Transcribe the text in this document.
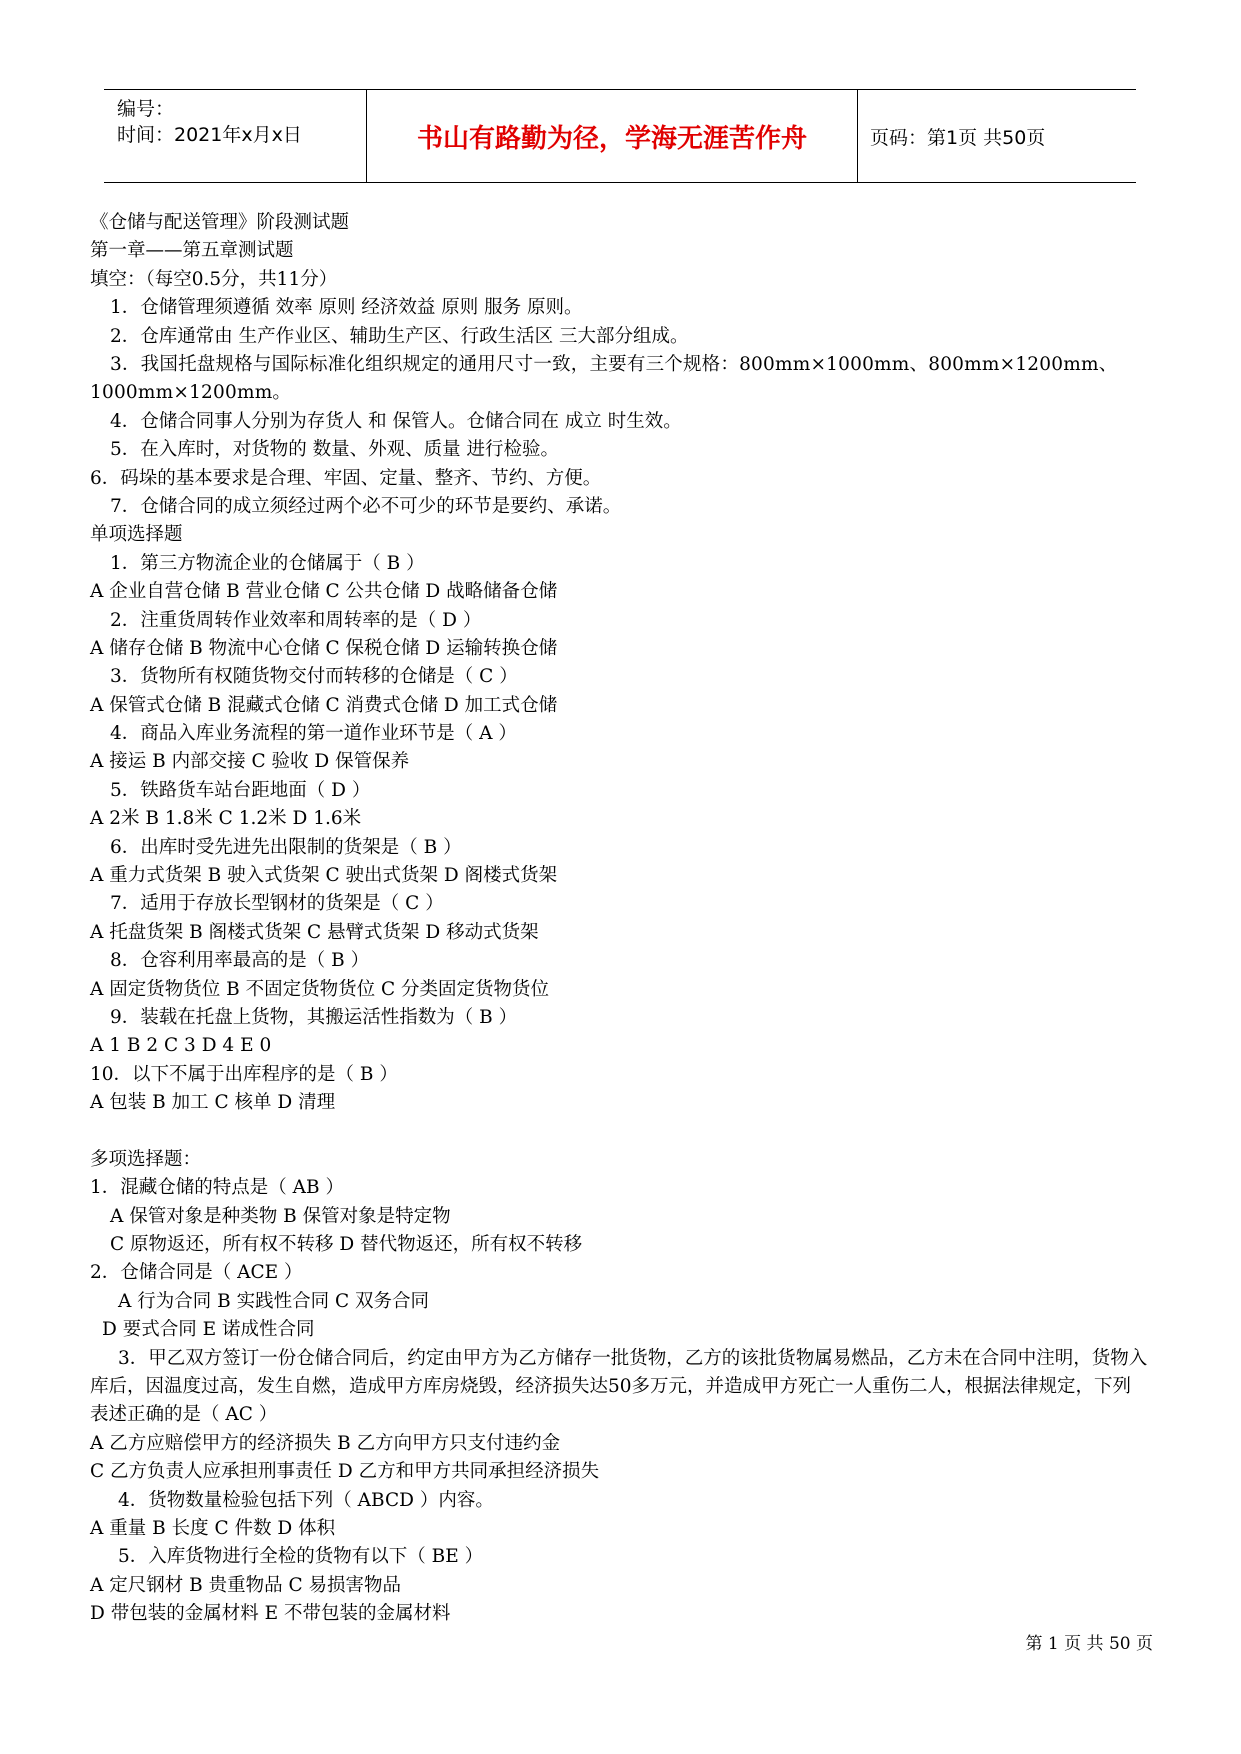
编号：
时间：2021年x月x日	书山有路勤为径，学海无涯苦作舟	页码：第1页 共50页
《仓储与配送管理》阶段测试题
第一章——第五章测试题
填空：（每空0.5分，共11分）
1．仓储管理须遵循 效率 原则 经济效益 原则 服务 原则。
2．仓库通常由 生产作业区、辅助生产区、行政生活区 三大部分组成。
3．我国托盘规格与国际标准化组织规定的通用尺寸一致，主要有三个规格：800mm×1000mm、800mm×1200mm、1000mm×1200mm。
4．仓储合同事人分别为存货人 和 保管人。仓储合同在 成立 时生效。
5．在入库时，对货物的 数量、外观、质量 进行检验。
6．码垛的基本要求是合理、牢固、定量、整齐、节约、方便。
7．仓储合同的成立须经过两个必不可少的环节是要约、承诺。
单项选择题
1．第三方物流企业的仓储属于（ B ）
A 企业自营仓储 B 营业仓储 C 公共仓储 D 战略储备仓储
2．注重货周转作业效率和周转率的是（ D ）
A 储存仓储 B 物流中心仓储 C 保税仓储 D 运输转换仓储
3．货物所有权随货物交付而转移的仓储是（ C ）
A 保管式仓储 B 混藏式仓储 C 消费式仓储 D 加工式仓储
4．商品入库业务流程的第一道作业环节是（ A ）
A 接运 B 内部交接 C 验收 D 保管保养
5．铁路货车站台距地面（ D ）
A 2米 B 1.8米 C 1.2米 D 1.6米
6．出库时受先进先出限制的货架是（ B ）
A 重力式货架 B 驶入式货架 C 驶出式货架 D 阁楼式货架
7．适用于存放长型钢材的货架是（ C ）
A 托盘货架 B 阁楼式货架 C 悬臂式货架 D 移动式货架
8．仓容利用率最高的是（ B ）
A 固定货物货位 B 不固定货物货位 C 分类固定货物货位
9．装载在托盘上货物，其搬运活性指数为（ B ）
A 1 B 2 C 3 D 4 E 0
10．以下不属于出库程序的是（ B ）
A 包装 B 加工 C 核单 D 清理
多项选择题：
1．混藏仓储的特点是（ AB ）
A 保管对象是种类物 B 保管对象是特定物
C 原物返还，所有权不转移 D 替代物返还，所有权不转移
2．仓储合同是（ ACE ）
A 行为合同 B 实践性合同 C 双务合同
D 要式合同 E 诺成性合同
3．甲乙双方签订一份仓储合同后，约定由甲方为乙方储存一批货物，乙方的该批货物属易燃品，乙方未在合同中注明，货物入库后，因温度过高，发生自燃，造成甲方库房烧毁，经济损失达50多万元，并造成甲方死亡一人重伤二人，根据法律规定，下列表述正确的是（ AC ）
A 乙方应赔偿甲方的经济损失 B 乙方向甲方只支付违约金
C 乙方负责人应承担刑事责任 D 乙方和甲方共同承担经济损失
4．货物数量检验包括下列（ ABCD ）内容。
A 重量 B 长度 C 件数 D 体积
5．入库货物进行全检的货物有以下（ BE ）
A 定尺钢材 B 贵重物品 C 易损害物品
D 带包装的金属材料 E 不带包装的金属材料
第 1 页 共 50 页
